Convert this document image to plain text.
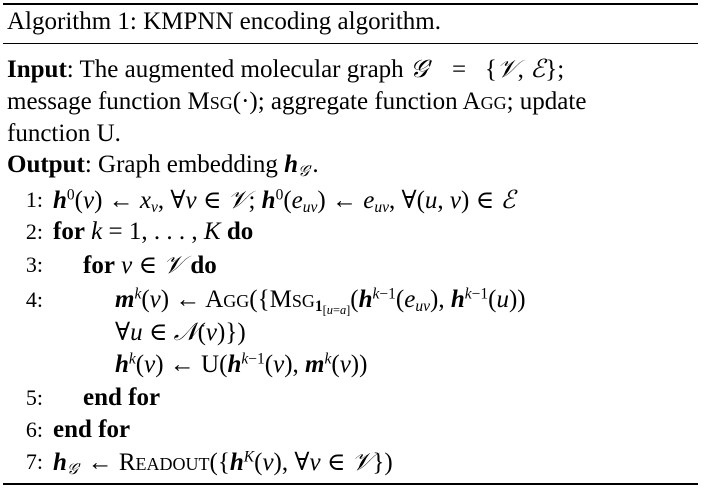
Algorithm 1: KMPNN encoding algorithm.
Input: The augmented molecular graph 𝒢′   =   {𝒱, ℰ};
message function Msg(·); aggregate function Agg; update
function U.
Output: Graph embedding $h_{𝒢'}$.
1: $h^0(v)$ ← $x_v$, ∀v ∈ 𝒱; $h^0(e_{uv})$ ← $e_{uv}$, ∀(u, v) ∈ ℰ
2: for k = 1, . . . , K do
3: for v ∈ 𝒱 do
4:	$m^k(v)$ ← $Agg(\{Msg_{1_{[u=a]}}(h^{k-1}(e_{uv})$, $h^{k-1}(u)$)
∀u ∈ 𝒩(v)})
$h^k(v)$ ← $U(h^{k-1}(v)$, $m^k(v)$)
5: end for
6: end for
7: $h_{𝒢'}$ ← $Readout(\{h^K(v)$, ∀v ∈ 𝒱})
